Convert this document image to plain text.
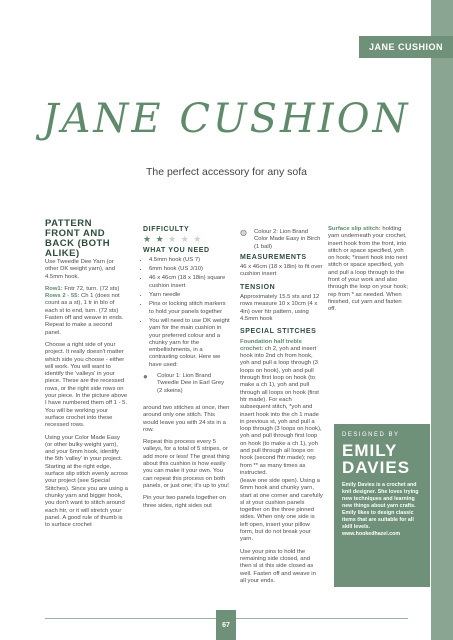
JANE CUSHION
JANE CUSHION
The perfect accessory for any sofa
PATTERN
FRONT AND BACK (BOTH ALIKE)

Use Tweedle Dee Yarn (or other DK weight yarn), and 4.5mm hook.

Row1: Fntr 72, turn. (72 sts)
Rows 2 - 55: Ch 1 (does not count as a st), 1 tr in blo of each st to end, turn. (72 sts) Fasten off and weave in ends. Repeat to make a second panel.

Choose a right side of your project. It really doesn't matter which side you choose - either will work. You will want to identify the 'valleys' in your piece. These are the recessed rows, or the right side rows on your piece. In the picture above I have numbered them off 1 - 5. You will be working your surface crochet into these recessed rows.

Using your Color Made Easy (or other bulky weight yarn), and your 6mm hook, identify the 5th 'valley' in your project. Starting at the right edge, surface slip stitch evenly across your project (see Special Stitches). Since you are using a chunky yarn and bigger hook, you don't want to stitch around each htr, or it will stretch your panel. A good rule of thumb is to surface crochet

DIFFICULTY
★ ★ ★ ★ ★
WHAT YOU NEED
• 4.5mm hook (US 7)
• 6mm hook (US J/10)
• 46 x 46cm (18 x 18in) square cushion insert
• Yarn needle
• Pins or locking stitch markers to hold your panels together
• You will need to use DK weight yarn for the main cushion in your preferred colour and a chunky yarn for the embellishments, in a contrasting colour. Here we have used:
●	Colour 1: Lion Brand Tweedle Dee in Earl Grey (2 skeins)

around two stitches at once, then around only one stitch. This would leave you with 24 sts in a row.

Repeat this process every 5 valleys, for a total of 5 stripes, or add more or less! The great thing about this cushion is how easily you can make it your own. You can repeat this process on both panels, or just one; it's up to you!

Pin your two panels together on three sides, right sides out

◍	Colour 2: Lion Brand Color Made Easy in Birch (1 ball)
MEASUREMENTS

46 x 46cm (18 x 18in) to fit over cushion insert

TENSION

Approximately 15.5 sts and 12 rows measure 10 x 10cm (4 x 4in) over htr pattern, using 4.5mm hook

SPECIAL STITCHES

Foundation half treble crochet: ch 2, yoh and insert hook into 2nd ch from hook, yoh and pull a loop through (3 loops on hook), yoh and pull through first loop on hook (to make a ch 1), yoh and pull through all loops on hook (first htr made). For each subsequent stitch, *yoh and insert hook into the ch 1 made in previous st, yoh and pull a loop through (3 loops on hook), yoh and pull through first loop on hook (to make a ch 1), yoh and pull through all loops on hook (second fhtr made); rep from ** as many times as instructed.

(leave one side open). Using a 6mm hook and chunky yarn, start at one corner and carefully sl st your cushion panels together on the three pinned sides. When only one side is left open, insert your pillow form, but do not break your yarn.

Use your pins to hold the remaining side closed, and then sl st this side closed as well. Fasten off and weave in all your ends.

Surface slip stitch: holding yarn underneath your crochet, insert hook from the front, into stitch or space specified, yoh on hook; *insert hook into next stitch or space specified, yoh and pull a loop through to the front of your work and also through the loop on your hook; rep from * as needed. When finished, cut yarn and fasten off.

DESIGNED BY
EMILY
DAVIES
Emily Davies is a crochet and knit designer. She loves trying new techniques and learning new things about yarn crafts. Emily likes to design classic items that are suitable for all skill levels. www.hookedhazel.com
67
